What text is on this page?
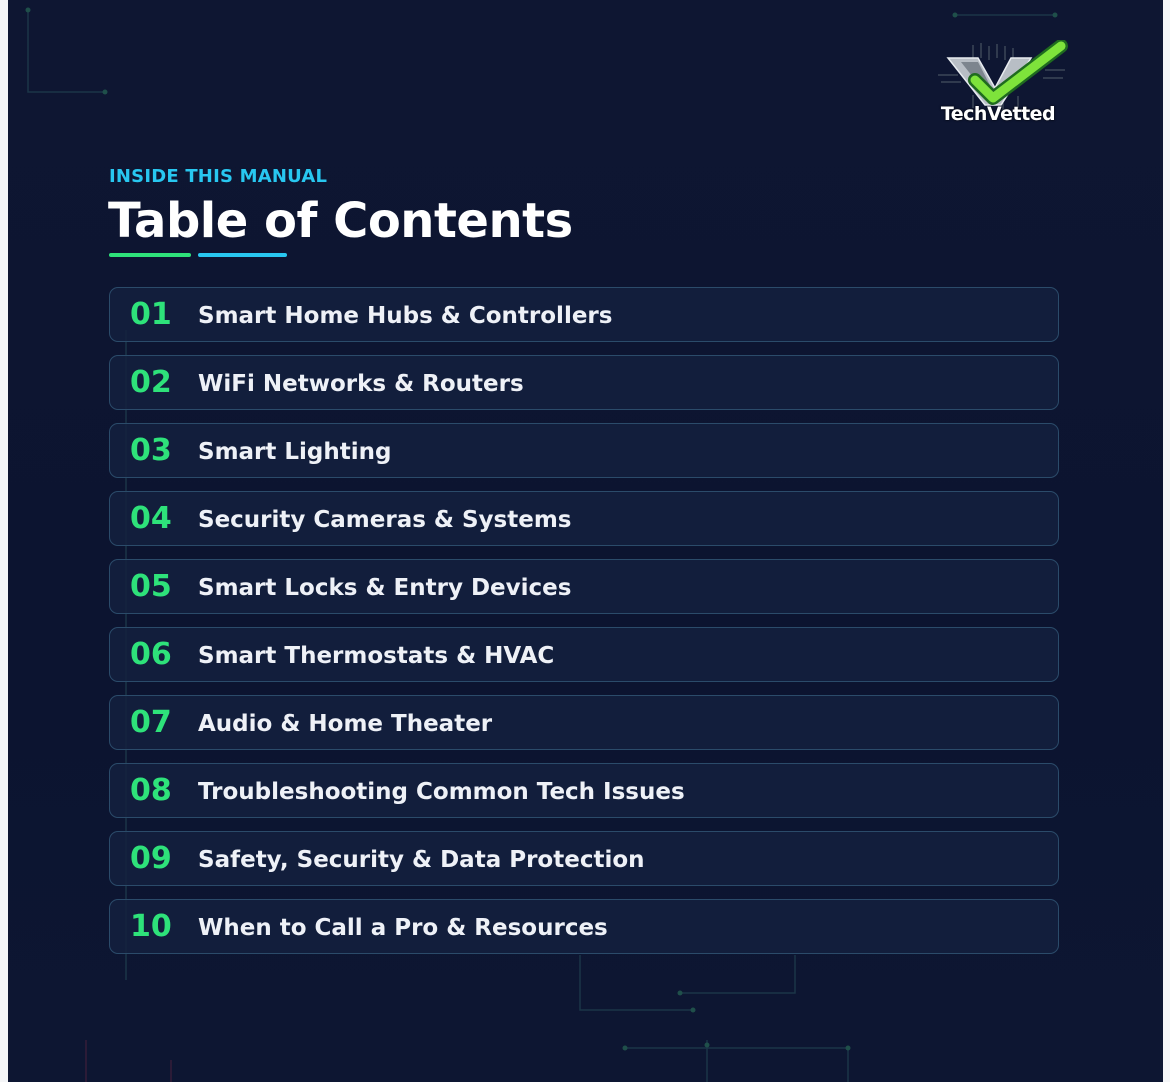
TechVetted
INSIDE THIS MANUAL
Table of Contents
01 Smart Home Hubs & Controllers
02 WiFi Networks & Routers
03 Smart Lighting
04 Security Cameras & Systems
05 Smart Locks & Entry Devices
06 Smart Thermostats & HVAC
07 Audio & Home Theater
08 Troubleshooting Common Tech Issues
09 Safety, Security & Data Protection
10 When to Call a Pro & Resources
